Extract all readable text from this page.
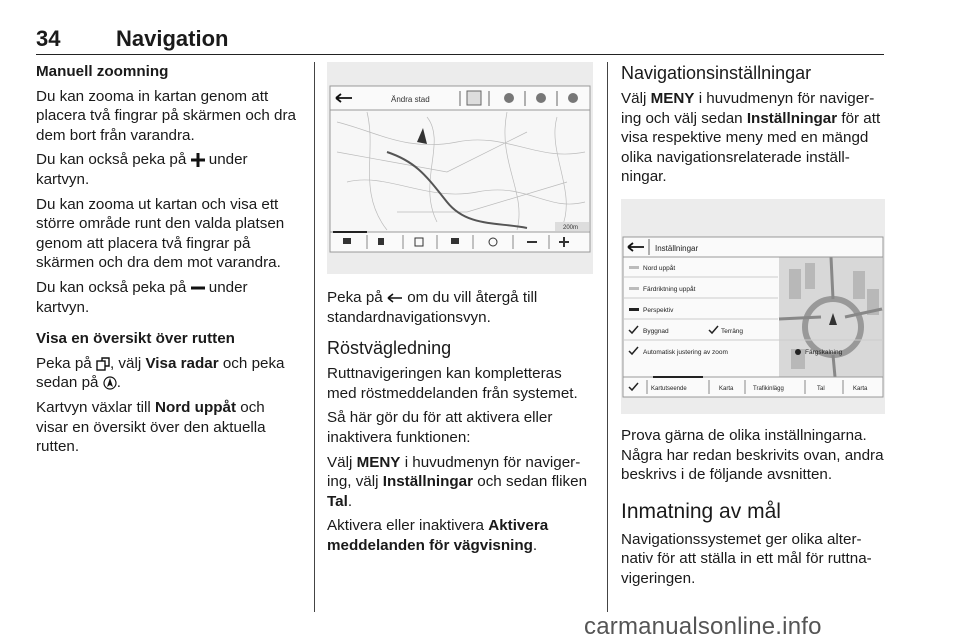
34	Navigation

Manuell zoomning

Du kan zooma in kartan genom att placera två fingrar på skärmen och dra dem bort från varandra.

Du kan också peka på under kartvyn.

Du kan zooma ut kartan och visa ett större område runt den valda platsen genom att placera två fingrar på skärmen och dra dem mot varandra.

Du kan också peka på under kartvyn.

Visa en översikt över rutten

Peka på , välj Visa radar och peka sedan på .

Kartvyn växlar till Nord uppåt och visar en översikt över den aktuella rutten.

Ändra stad
200m

Peka på om du vill återgå till standardnavigationsvyn.

Röstvägledning

Ruttnavigeringen kan kompletteras med röstmeddelanden från systemet.

Så här gör du för att aktivera eller inaktivera funktionen:

Välj MENY i huvudmenyn för naviger- ing, välj Inställningar och sedan fliken Tal.

Aktivera eller inaktivera Aktivera meddelanden för vägvisning.

Navigationsinställningar

Välj MENY i huvudmenyn för naviger- ing och välj sedan Inställningar för att visa respektive meny med en mängd olika navigationsrelaterade inställ- ningar.

Inställningar
Nord uppåt
Färdriktning uppåt
Perspektiv
Byggnad	Terräng
Automatisk justering av zoom	Färgskalning
Kartutseende	Karta	Trafikinlägg	Tal	Karta

Prova gärna de olika inställningarna. Några har redan beskrivits ovan, andra beskrivs i de följande avsnitten.

Inmatning av mål

Navigationssystemet ger olika alter- nativ för att ställa in ett mål för ruttna- vigeringen.

carmanualsonline.info
